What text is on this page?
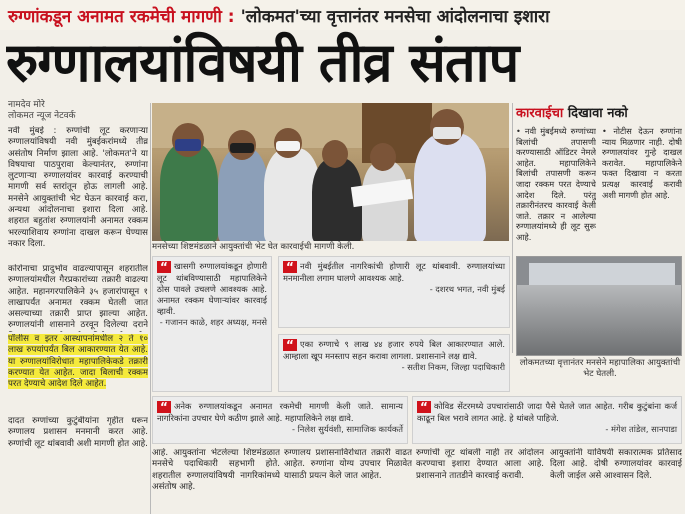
रुग्णांकडून अनामत रकमेची मागणी : 'लोकमत'च्या वृत्तानंतर मनसेचा आंदोलनाचा इशारा
रुग्णालयांविषयी तीव्र संताप
नामदेव मोरे
लोकमत न्यूज नेटवर्क
नवी मुंबई : रुग्णांची लूट करणाऱ्या रुग्णालयांविषयी नवी मुंबईकरांमध्ये तीव्र असंतोष निर्माण झाला आहे. 'लोकमत'ने या विषयाचा पाठपुरावा केल्यानंतर, रुग्णांना लुटणाऱ्या रुग्णालयांवर कारवाई करण्याची मागणी सर्व स्तरांतून होऊ लागली आहे. मनसेने आयुक्तांची भेट घेऊन कारवाई करा, अन्यथा आंदोलनाचा इशारा दिला आहे. शहरात बहुतांश रुग्णालयांनी अनामत रक्कम भरल्याशिवाय रुग्णांना दाखल करून घेण्यास नकार दिला.
कोरोनाचा प्रादुर्भाव वाढल्यापासून शहरातील रुग्णालयांमधील गैरप्रकारांच्या तक्रारी वाढल्या आहेत. महानगरपालिकेने ३५ हजारांपासून १ लाखापर्यंत अनामत रक्कम घेतली जात असल्याच्या तक्रारी प्राप्त झाल्या आहेत. रुग्णालयांनी शासनाने ठरवून दिलेल्या दराने
पॉलीस व इतर आस्थापनांमधील २ ते १० लाख रुपयांपर्यंत बिल आकारण्यात येत आहे. या रुग्णालयांविरोधात महापालिकेकडे तक्रारी करण्यात येत आहेत. जादा बिलाची रक्कम परत देण्याचे आदेश दिले आहेत.
दादत रुग्णांच्या कुटुंबीयांना गृहीत धरून रुग्णालय प्रशासन मनमानी करत आहे. रुग्णांची लूट थांबवावी अशी मागणी होत आहे.
मनसेच्या शिष्टमंडळाने आयुक्तांची भेट घेत कारवाईची मागणी केली.
कारवाईचा दिखावा नको
• नवी मुंबईमध्ये रुग्णांच्या बिलांची तपासणी करण्यासाठी ऑडिटर नेमले आहेत. महापालिकेने बिलांची तपासणी करून जादा रक्कम परत देण्याचे आदेश दिले. परंतु तक्रारीनंतरच कारवाई केली जाते. तक्रार न आलेल्या रुग्णालयांमध्ये ही लूट सुरू आहे.
• नोटीस देऊन रुग्णांना न्याय मिळणार नाही. दोषी रुग्णालयांवर गुन्हे दाखल करावेत. महापालिकेने फक्त दिखावा न करता प्रत्यक्ष कारवाई करावी अशी मागणी होत आहे.
“ खासगी रुग्णालयांकडून होणारी लूट थांबविण्यासाठी महापालिकेने ठोस पावले उचलणे आवश्यक आहे. अनामत रक्कम घेणाऱ्यांवर कारवाई व्हावी.
- गजानन काळे, शहर अध्यक्ष, मनसे
“ नवी मुंबईतील नागरिकांची होणारी लूट थांबवावी. रुग्णालयांच्या मनमानीला लगाम घालणे आवश्यक आहे.
- दशरथ भगत, नवी मुंबई
“ एका रुग्णाचे ९ लाख ४४ हजार रुपये बिल आकारण्यात आले. आम्हाला खूप मनस्ताप सहन करावा लागला. प्रशासनाने लक्ष द्यावे.
- सतीश निकम, जिल्हा पदाधिकारी लोकमतच्या वृत्तानंतर मनसेने महापालिका आयुक्तांची भेट घेतली.
“ अनेक रुग्णालयांकडून अनामत रकमेची मागणी केली जाते. सामान्य नागरिकांना उपचार घेणे कठीण झाले आहे. महापालिकेने लक्ष द्यावे.
- निलेश सुर्यवंशी, सामाजिक कार्यकर्ते
“ कोविड सेंटरमध्ये उपचारांसाठी जादा पैसे घेतले जात आहेत. गरीब कुटुंबांना कर्ज काढून बिल भरावे लागत आहे. हे थांबले पाहिजे.
- मंगेश तांडेल, सानपाडा
आहे. आयुक्तांना भेटलेल्या शिष्टमंडळात मनसेचे पदाधिकारी सहभागी होते. शहरातील रुग्णालयांविषयी नागरिकांमध्ये असंतोष आहे.
रुग्णालय प्रशासनाविरोधात तक्रारी वाढत आहेत. रुग्णांना योग्य उपचार मिळावेत यासाठी प्रयत्न केले जात आहेत.
रुग्णांची लूट थांबली नाही तर आंदोलन करण्याचा इशारा देण्यात आला आहे. प्रशासनाने तातडीने कारवाई करावी.
आयुक्तांनी याविषयी सकारात्मक प्रतिसाद दिला आहे. दोषी रुग्णालयांवर कारवाई केली जाईल असे आश्वासन दिले.
